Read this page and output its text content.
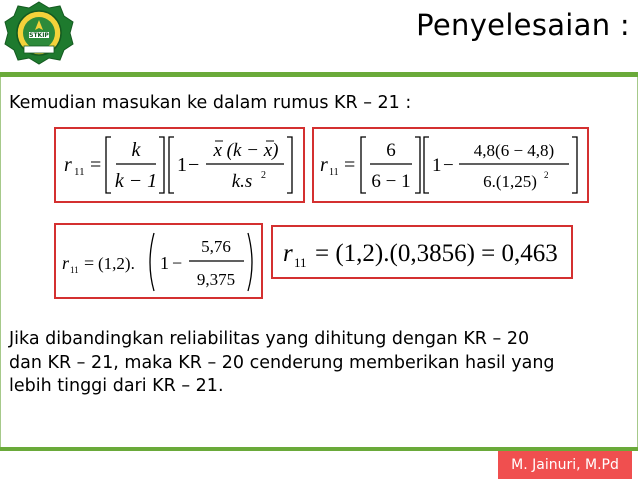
STKIP	Penyelesaian :
Kemudian masukan ke dalam rumus KR – 21 :
r 11 =
k
k − 1
1 −
x (k − x)
k.s 2	r 11 =
6
6 − 1
1 −
4,8(6 − 4,8)
6.(1,25) 2
r 11 = (1,2). 1 −
5,76
9,375
r 11 = (1,2).(0,3856) = 0,463
Jika dibandingkan reliabilitas yang dihitung dengan KR – 20
dan KR – 21, maka KR – 20 cenderung memberikan hasil yang
lebih tinggi dari KR – 21.
M. Jainuri, M.Pd
